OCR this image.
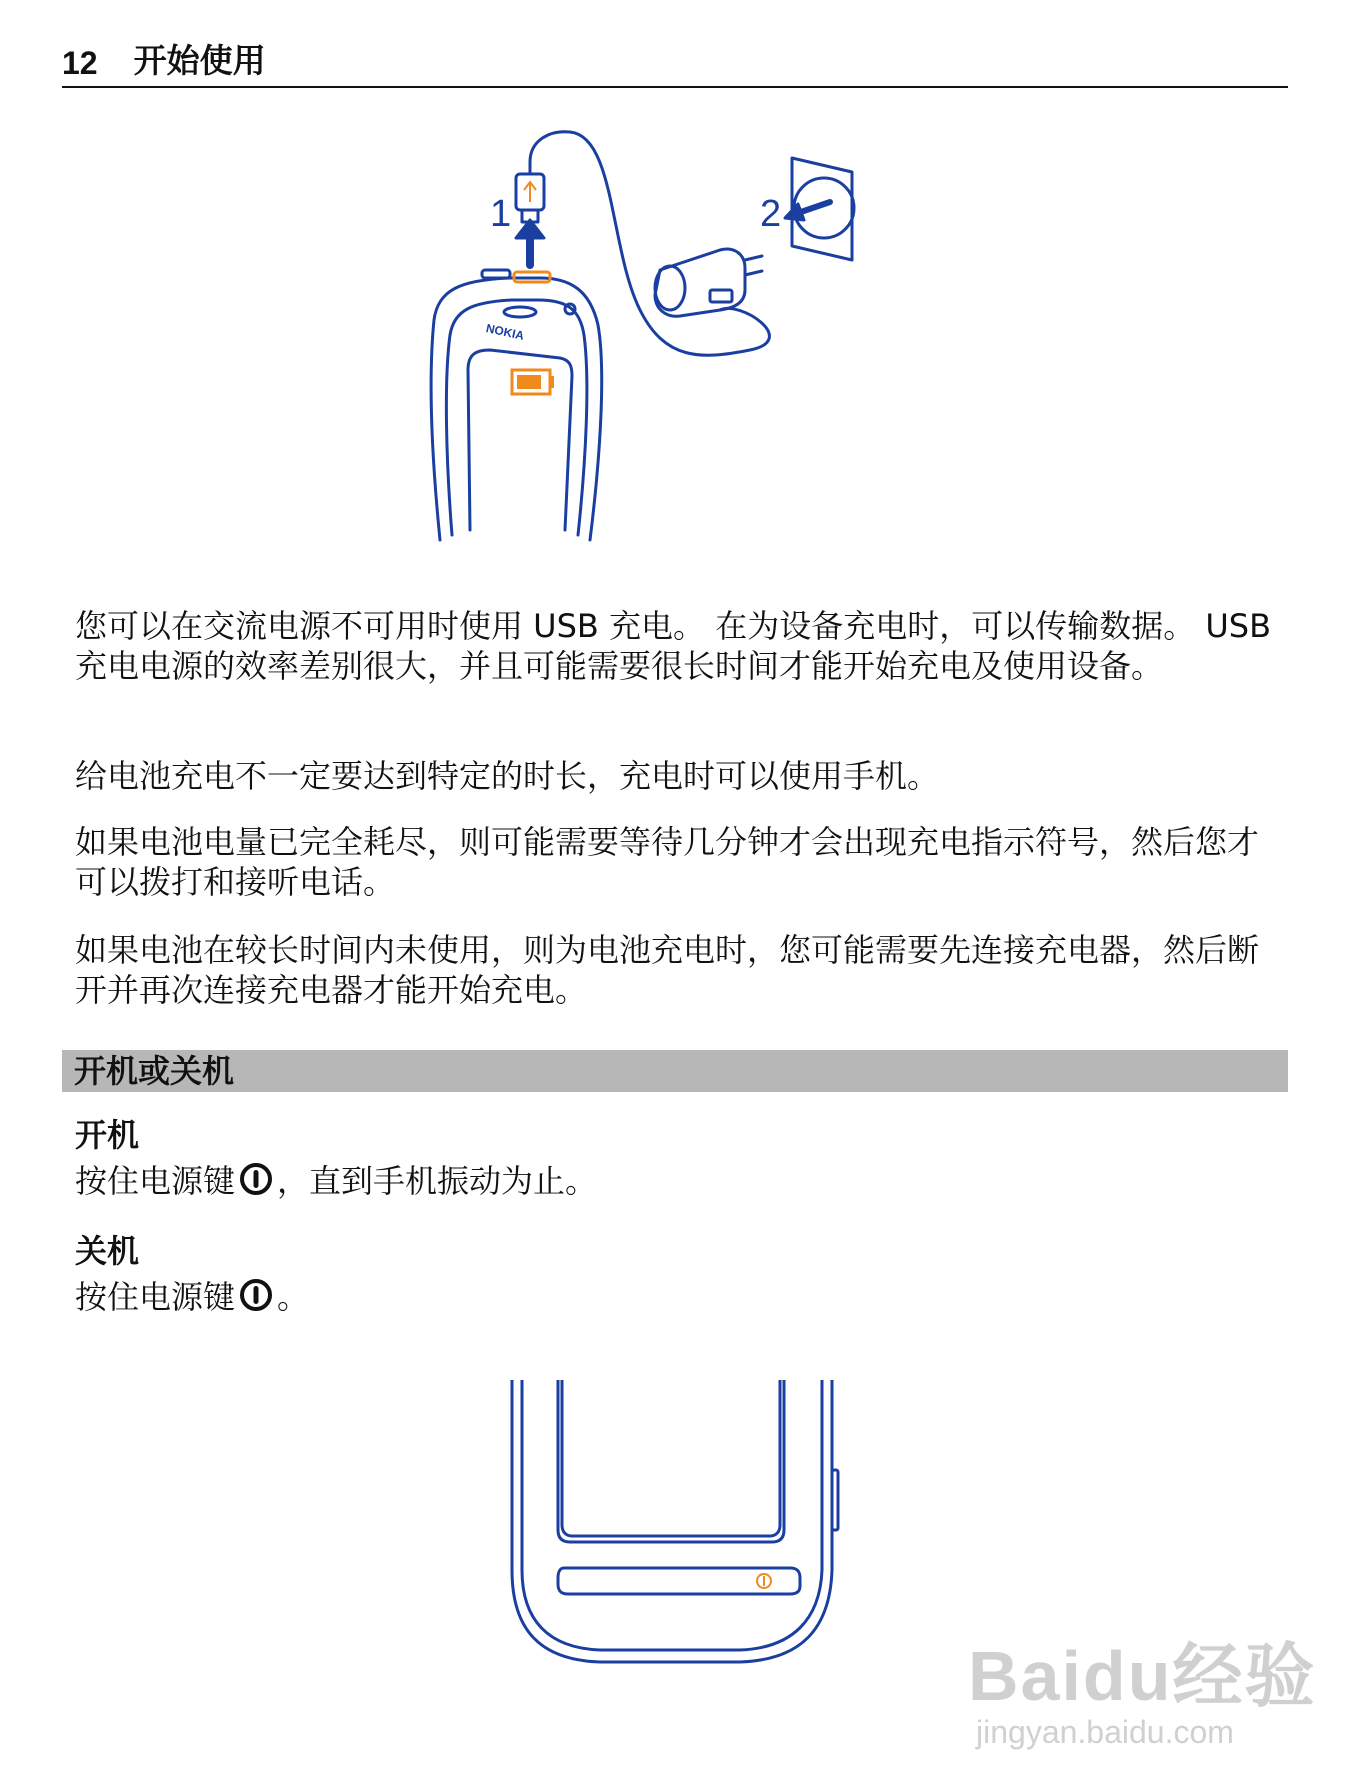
12 开始使用
NOKIA
1	2

您可以在交流电源不可用时使用 USB 充电。 在为设备充电时，可以传输数据。 USB 充电电源的效率差别很大，并且可能需要很长时间才能开始充电及使用设备。

给电池充电不一定要达到特定的时长，充电时可以使用手机。

如果电池电量已完全耗尽，则可能需要等待几分钟才会出现充电指示符号，然后您才可以拨打和接听电话。

如果电池在较长时间内未使用，则为电池充电时，您可能需要先连接充电器，然后断开并再次连接充电器才能开始充电。

开机或关机
开机
按住电源键 ，直到手机振动为止。
关机
按住电源键 。
Baidu经验
jingyan.baidu.com
